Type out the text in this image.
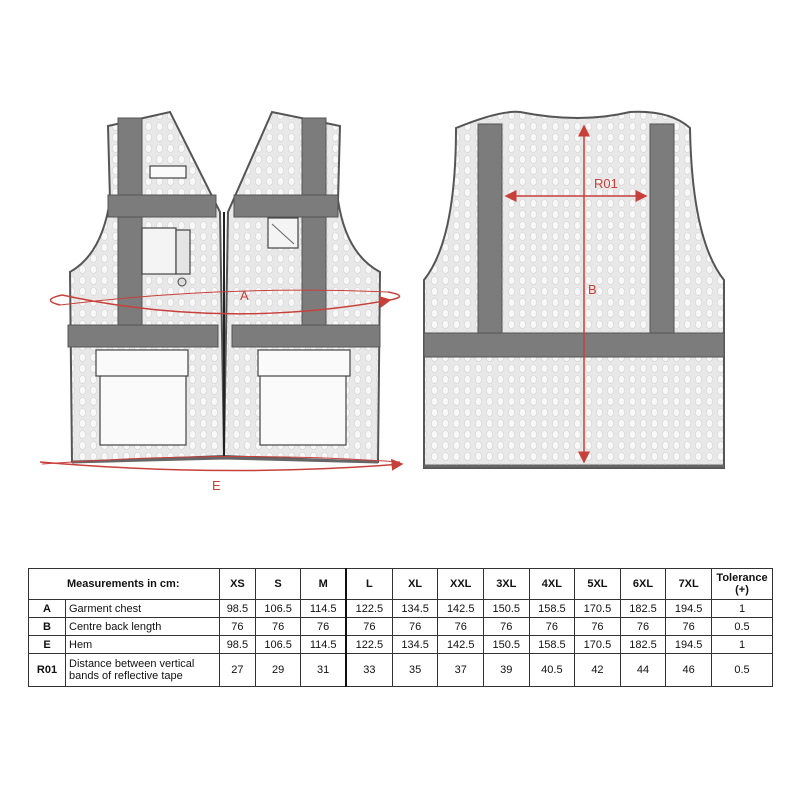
A
E
R01
B
Measurements in cm:		XS	S	M	L	XL	XXL	3XL	4XL	5XL	6XL	7XL	Tolerance (+)
A	Garment chest	98.5	106.5	114.5	122.5	134.5	142.5	150.5	158.5	170.5	182.5	194.5	1
B	Centre back length	76	76	76	76	76	76	76	76	76	76	76	0.5
E	Hem	98.5	106.5	114.5	122.5	134.5	142.5	150.5	158.5	170.5	182.5	194.5	1
R01	Distance between vertical bands of reflective tape	27	29	31	33	35	37	39	40.5	42	44	46	0.5
